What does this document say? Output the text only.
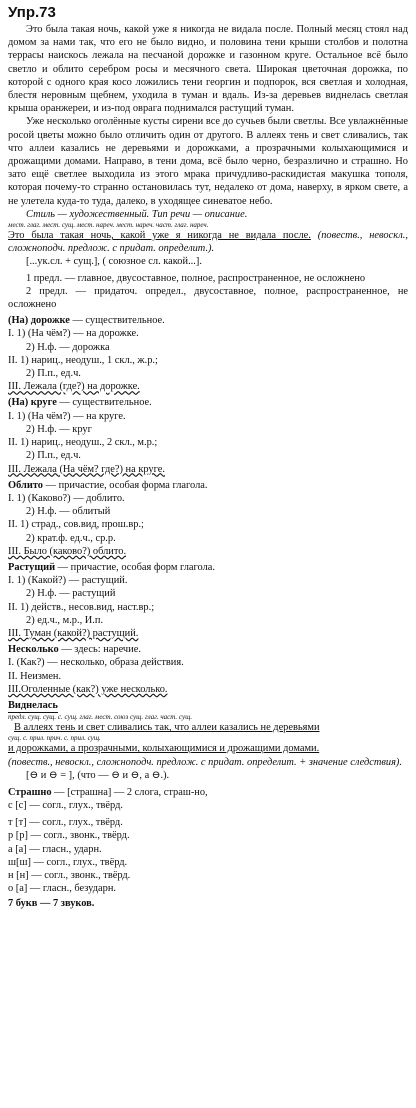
Упр.73

Это была такая ночь, какой уже я никогда не видала после. Полный месяц стоял над домом за нами так, что его не было видно, и половина тени крыши столбов и полотна террасы наискось лежала на песчаной дорожке и газонном круге. Остальное всё было светло и облито серебром росы и месячного света. Широкая цветочная дорожка, по которой с одного края косо ложились тени георгин и подпорок, вся светлая и холодная, блестя неровным щебнем, уходила в туман и вдаль. Из-за деревьев виднелась светлая крыша оранжереи, и из-под оврага поднимался растущий туман.

Уже несколько оголённые кусты сирени все до сучьев были светлы. Все увлажнённые росой цветы можно было отличить один от другого. В аллеях тень и свет сливались, так что аллеи казались не деревьями и дорожками, а прозрачными колыхающимися и дрожащими домами. Направо, в тени дома, всё было черно, безразлично и страшно. Но зато ещё светлее выходила из этого мрака причудливо-раскидистая макушка тополя, которая почему-то странно остановилась тут, недалеко от дома, наверху, в ярком свете, а не улетела куда-то туда, далеко, в уходящее синеватое небо.

Стиль — художественный. Тип речи — описание.

мест. глаг. мест. сущ. мест. нареч. мест. нареч. част. глаг. нареч.

Это была такая ночь, какой уже я никогда не видала после. (повеств., невоскл., сложноподч. предлож. с придат. определит.).

[...ук.сл. + сущ.], ( союзное сл. какой...].

1 предл. — главное, двусоставное, полное, распространенное, не осложнено

2 предл. — придаточ. определ., двусоставное, полное, распространенное, не осложнено

(На) дорожке — существительное.

I. 1) (На чём?) — на дорожке.

2) Н.ф. — дорожка

II. 1) нариц., неодуш., 1 скл., ж.р.;

2) П.п., ед.ч.

III. Лежала (где?) на дорожке.

(На) круге — существительное.

I. 1) (На чём?) — на круге.

2) Н.ф. — круг

II. 1) нариц., неодуш., 2 скл., м.р.;

2) П.п., ед.ч.

III. Лежала (На чём? где?) на круге.

Облито — причастие, особая форма глагола.

I. 1) (Каково?) — доблито.

2) Н.ф. — облитый

II. 1) страд., сов.вид, прош.вр.;

2) крат.ф. ед.ч., ср.р.

III. Было (каково?) облито.

Растущий — причастие, особая форм глагола.

I. 1) (Какой?) — растущий.

2) Н.ф. — растущий

II. 1) действ., несов.вид, наст.вр.;

2) ед.ч., м.р., И.п.

III. Туман (какой?) растущий.

Несколько — здесь: наречие.

I. (Как?) — несколько, образа действия.

II. Неизмен.

III.Оголенные (как?) уже несколько.

Виднелась

предл. сущ. сущ. с. сущ. глаг. мест. союз сущ. глаг. част. сущ.

В аллеях тень и свет сливались так, что аллеи казались не деревьями

сущ. с. прил. прич. с. прил. сущ.

и дорожками, а прозрачными, колыхающимися и дрожащими домами.

(повеств., невоскл., сложноподч. предлож. с придат. определит. + значение следствия).

[⊖ и ⊖ = ], (что — ⊖ и ⊖, а ⊖.).

Страшно — [страшна] — 2 слога, страш-но,

с [с] — согл., глух., твёрд.

т [т] — согл., глух., твёрд.

р [р] — согл., звонк., твёрд.

а [а] — гласн., ударн.

ш[ш] — согл., глух., твёрд.

н [н] — согл., звонк., твёрд.

о [а] — гласн., безударн.

7 букв — 7 звуков.
